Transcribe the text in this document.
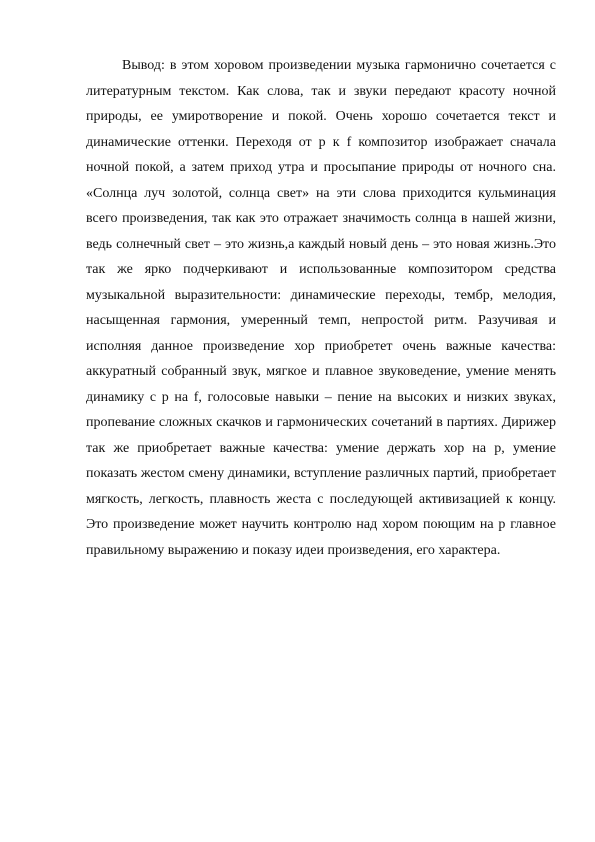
Вывод: в этом хоровом произведении музыка гармонично сочетается с
литературным текстом. Как слова, так и звуки передают красоту ночной
природы, ее умиротворение и покой. Очень хорошо сочетается текст и
динамические оттенки. Переходя от p к f композитор изображает сначала
ночной покой, а затем приход утра и просыпание природы от ночного сна.
«Солнца луч золотой, солнца свет» на эти слова приходится кульминация
всего произведения, так как это отражает значимость солнца в нашей жизни,
ведь солнечный свет – это жизнь,а каждый новый день – это новая жизнь.Это
так же ярко подчеркивают и использованные композитором средства
музыкальной выразительности: динамические переходы, тембр, мелодия,
насыщенная гармония, умеренный темп, непростой ритм. Разучивая и
исполняя данное произведение хор приобретет очень важные качества:
аккуратный собранный звук, мягкое и плавное звуковедение, умение менять
динамику с p на f, голосовые навыки – пение на высоких и низких звуках,
пропевание сложных скачков и гармонических сочетаний в партиях. Дирижер
так же приобретает важные качества: умение держать хор на p, умение
показать жестом смену динамики, вступление различных партий, приобретает
мягкость, легкость, плавность жеста с последующей активизацией к концу.
Это произведение может научить контролю над хором поющим на p главное
правильному выражению и показу идеи произведения, его характера.
